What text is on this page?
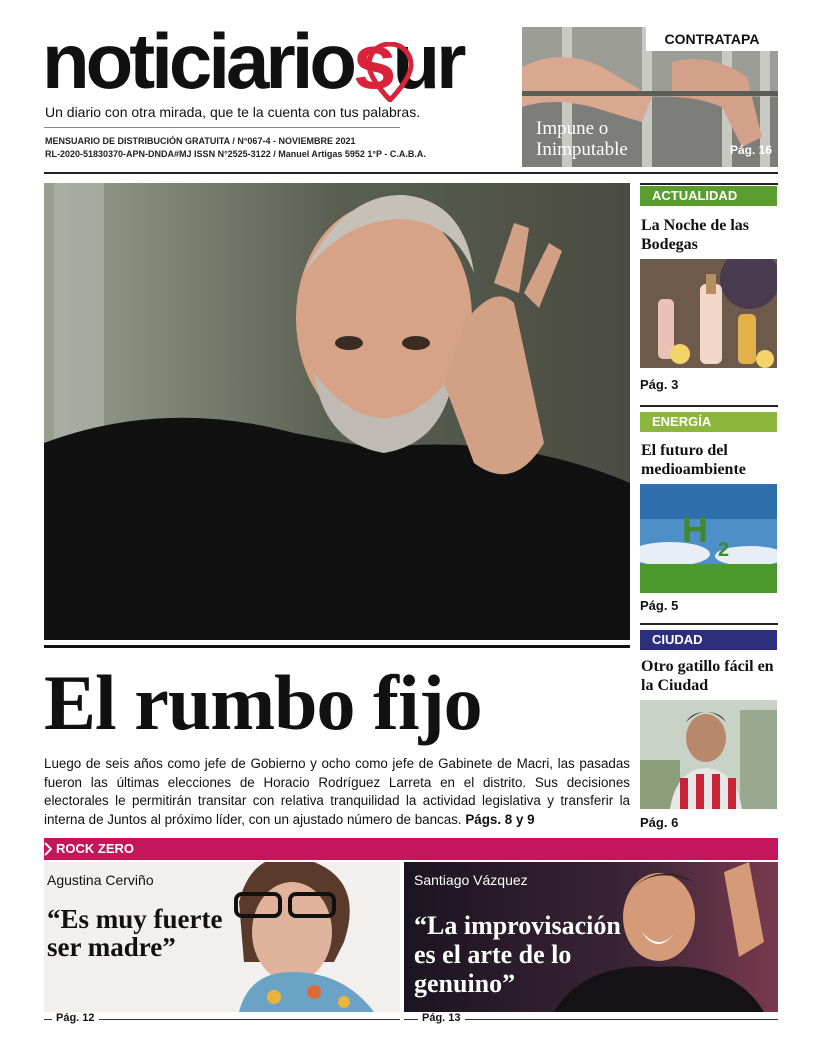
noticiariosur
Un diario con otra mirada, que te la cuenta con tus palabras.
MENSUARIO DE DISTRIBUCIÓN GRATUITA / N°067-4 - NOVIEMBRE 2021
RL-2020-51830370-APN-DNDA#MJ ISSN N°2525-3122 / Manuel Artigas 5952 1°P - C.A.B.A.
CONTRATAPA
Impune o
Inimputable	Pág. 16
El rumbo fijo
Luego de seis años como jefe de Gobierno y ocho como jefe de Gabinete de Macri, las pasadas fueron las últimas elecciones de Horacio Rodríguez Larreta en el distrito. Sus decisiones electorales le permitirán transitar con relativa tranquilidad la actividad legislativa y transferir la interna de Juntos al próximo líder, con un ajustado número de bancas. Págs. 8 y 9
ACTUALIDAD
La Noche de las Bodegas
Pág. 3
ENERGÍA
El futuro del medioambiente
H 2
Pág. 5
CIUDAD
Otro gatillo fácil en la Ciudad
Pág. 6
ROCK ZERO
Agustina Cerviño
“Es muy fuerte
ser madre”
Santiago Vázquez
“La improvisación
es el arte de lo
genuino”
Pág. 12	Pág. 13
